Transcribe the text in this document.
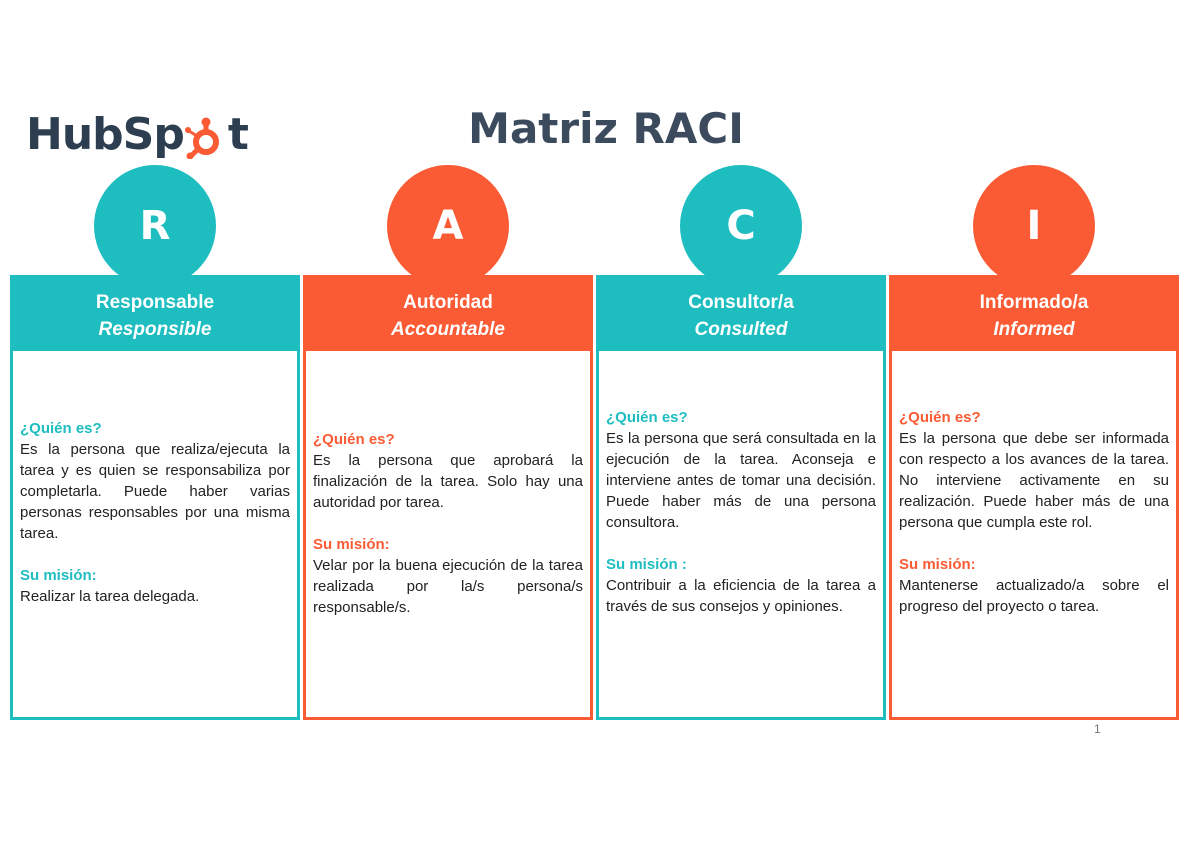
HubSp t	Matriz RACI
R
Responsable
Responsible

¿Quién es?

Es la persona que realiza/ejecuta la tarea y es quien se responsabiliza por completarla. Puede haber varias personas responsables por una misma tarea.

Su misión:

Realizar la tarea delegada.

A
Autoridad
Accountable

¿Quién es?

Es la persona que aprobará la finalización de la tarea. Solo hay una autoridad por tarea.

Su misión:

Velar por la buena ejecución de la tarea realizada por la/s persona/s responsable/s.

C
Consultor/a
Consulted

¿Quién es?

Es la persona que será consultada en la ejecución de la tarea. Aconseja e interviene antes de tomar una decisión. Puede haber más de una persona consultora.

Su misión :

Contribuir a la eficiencia de la tarea a través de sus consejos y opiniones.

I
Informado/a
Informed

¿Quién es?

Es la persona que debe ser informada con respecto a los avances de la tarea. No interviene activamente en su realización. Puede haber más de una persona que cumpla este rol.

Su misión:

Mantenerse actualizado/a sobre el progreso del proyecto o tarea.

1
